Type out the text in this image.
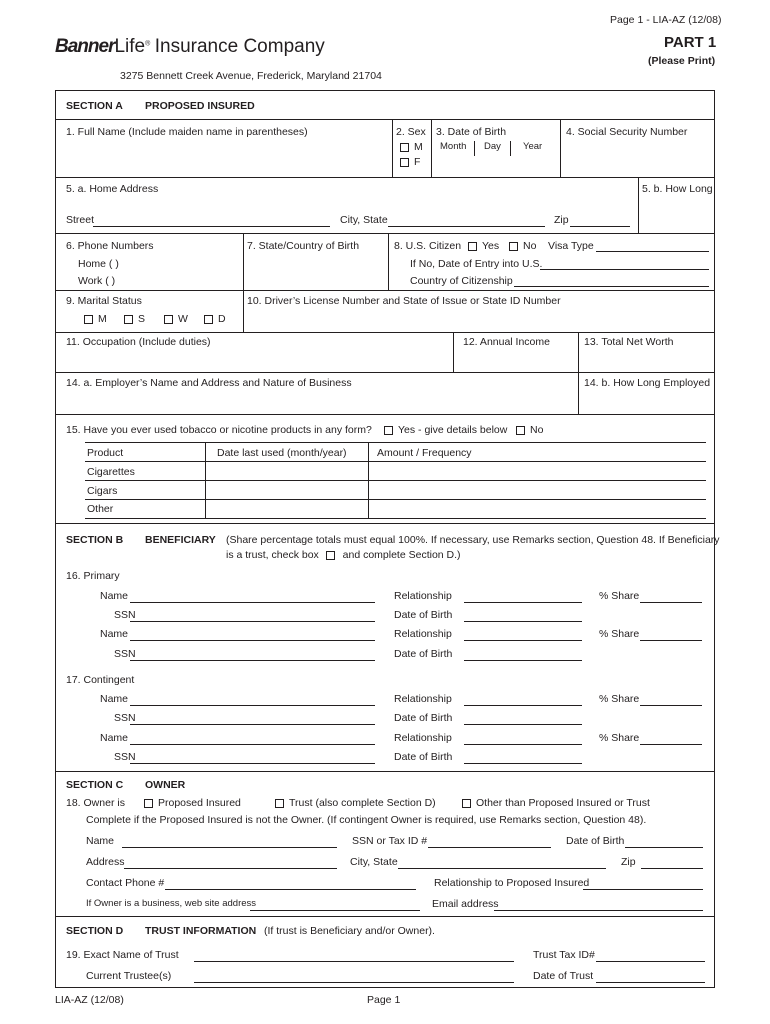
Page 1 - LIA-AZ (12/08)
PART 1
(Please Print)
BannerLife® Insurance Company
3275 Bennett Creek Avenue, Frederick, Maryland 21704
SECTION A PROPOSED INSURED
1. Full Name (Include maiden name in parentheses)	2. Sex
M
F
3. Date of Birth
Month Day Year
4. Social Security Number
5. a. Home Address	5. b. How Long
Street	City, State	Zip
6. Phone Numbers
Home ( )
Work ( )
7. State/Country of Birth	8. U.S. Citizen	Yes	No Visa Type
If No, Date of Entry into U.S.
Country of Citizenship
9. Marital Status
M	S	W	D
10. Driver’s License Number and State of Issue or State ID Number
11. Occupation (Include duties)	12. Annual Income	13. Total Net Worth
14. a. Employer’s Name and Address and Nature of Business	14. b. How Long Employed
15. Have you ever used tobacco or nicotine products in any form?	Yes - give details below	No
Product	Date last used (month/year)	Amount / Frequency
Cigarettes
Cigars
Other
SECTION B BENEFICIARY (Share percentage totals must equal 100%. If necessary, use Remarks section, Question 48. If Beneficiary
is a trust, check box and complete Section D.)
16. Primary
17. Contingent
Name	Relationship	% Share
SSN	Date of Birth
Name	Relationship	% Share
SSN	Date of Birth
Name	Relationship	% Share
SSN	Date of Birth
Name	Relationship	% Share
SSN	Date of Birth
SECTION C OWNER
18. Owner is	Proposed Insured	Trust (also complete Section D)	Other than Proposed Insured or Trust
Complete if the Proposed Insured is not the Owner. (If contingent Owner is required, use Remarks section, Question 48).
Name	SSN or Tax ID #	Date of Birth
Address	City, State	Zip
Contact Phone #	Relationship to Proposed Insured
If Owner is a business, web site address	Email address
SECTION D TRUST INFORMATION (If trust is Beneficiary and/or Owner).
19. Exact Name of Trust	Trust Tax ID#
Current Trustee(s)	Date of Trust
LIA-AZ (12/08)	Page 1
